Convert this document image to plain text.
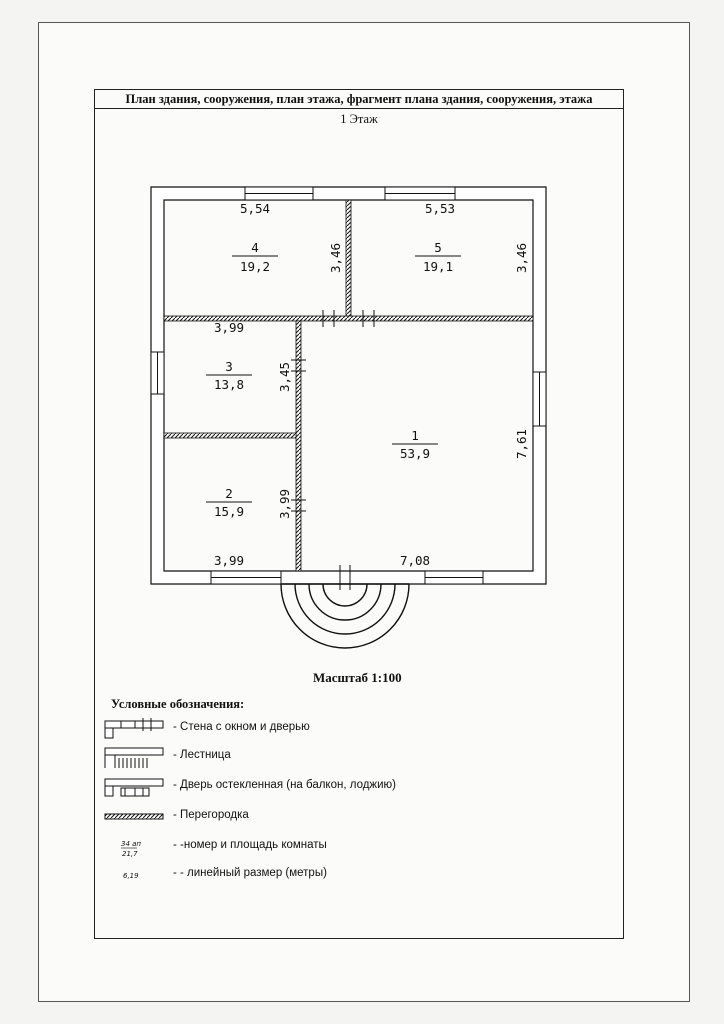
План здания, сооружения, план этажа, фрагмент плана здания, сооружения, этажа
1 Этаж
4
19,2
5
19,1
3
13,8
1
53,9
2
15,9
5,54	5,53
3,46	3,46
3,99
3,45
3,99
3,99	7,08
7,61
Масштаб 1:100
Условные обозначения:
- Стена с окном и дверью
- Лестница
- Дверь остекленная (на балкон, лоджию)
- Перегородка
34 ап
21,7
- -номер и площадь комнаты
6,19	- - линейный размер (метры)
